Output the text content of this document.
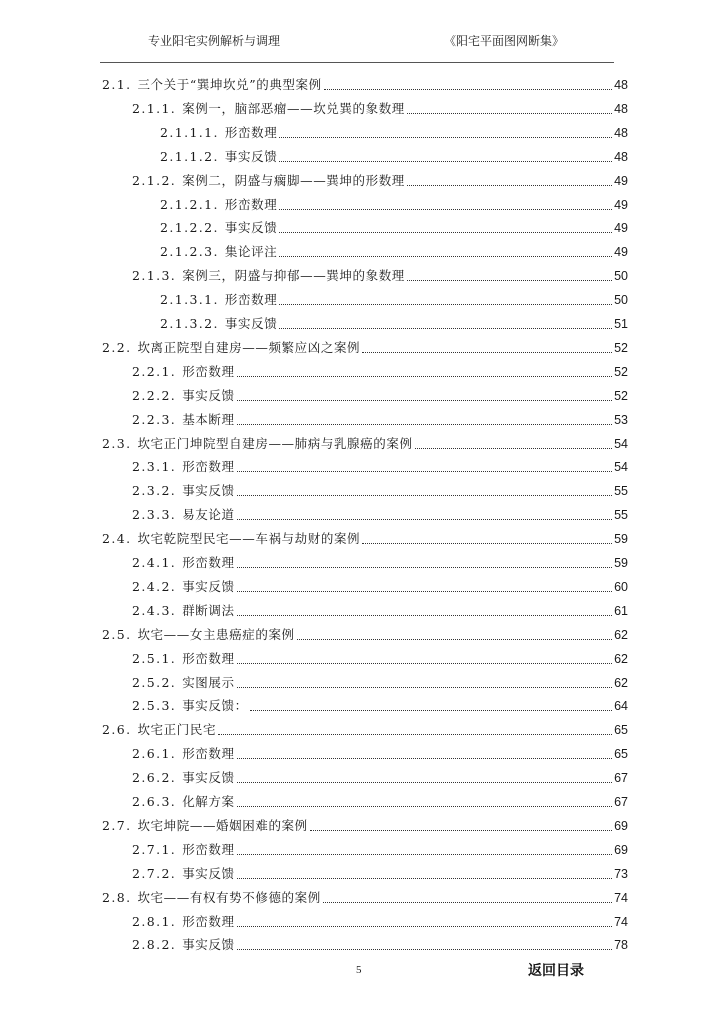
专业阳宅实例解析与调理	《阳宅平面图网断集》
2.1. 三个关于“巽坤坎兑”的典型案例	48
2.1.1. 案例一，脑部恶瘤——坎兑巽的象数理	48
2.1.1.1. 形峦数理	48
2.1.1.2. 事实反馈	48
2.1.2. 案例二，阴盛与瘸脚——巽坤的形数理	49
2.1.2.1. 形峦数理	49
2.1.2.2. 事实反馈	49
2.1.2.3. 集论评注	49
2.1.3. 案例三，阴盛与抑郁——巽坤的象数理	50
2.1.3.1. 形峦数理	50
2.1.3.2. 事实反馈	51
2.2. 坎离正院型自建房——频繁应凶之案例	52
2.2.1. 形峦数理	52
2.2.2. 事实反馈	52
2.2.3. 基本断理	53
2.3. 坎宅正门坤院型自建房——肺病与乳腺癌的案例	54
2.3.1. 形峦数理	54
2.3.2. 事实反馈	55
2.3.3. 易友论道	55
2.4. 坎宅乾院型民宅——车祸与劫财的案例	59
2.4.1. 形峦数理	59
2.4.2. 事实反馈	60
2.4.3. 群断调法	61
2.5. 坎宅——女主患癌症的案例	62
2.5.1. 形峦数理	62
2.5.2. 实图展示	62
2.5.3. 事实反馈：	64
2.6. 坎宅正门民宅	65
2.6.1. 形峦数理	65
2.6.2. 事实反馈	67
2.6.3. 化解方案	67
2.7. 坎宅坤院——婚姻困难的案例	69
2.7.1. 形峦数理	69
2.7.2. 事实反馈	73
2.8. 坎宅——有权有势不修德的案例	74
2.8.1. 形峦数理	74
2.8.2. 事实反馈	78
5	返回目录
